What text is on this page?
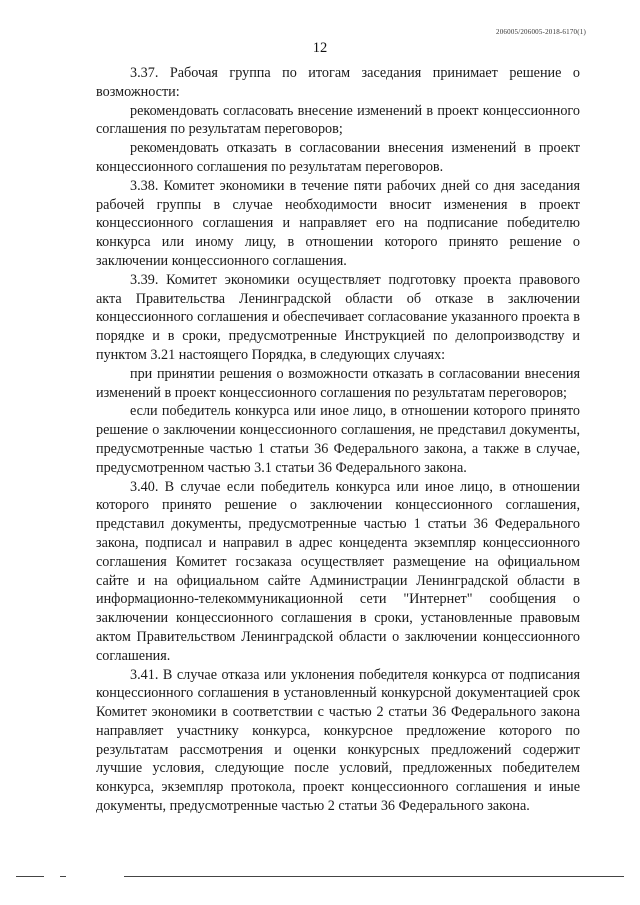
206005/206005-2018-6170(1)
12

3.37. Рабочая группа по итогам заседания принимает решение о возможности:

рекомендовать согласовать внесение изменений в проект концессионного соглашения по результатам переговоров;

рекомендовать отказать в согласовании внесения изменений в проект концессионного соглашения по результатам переговоров.

3.38. Комитет экономики в течение пяти рабочих дней со дня заседания рабочей группы в случае необходимости вносит изменения в проект концессионного соглашения и направляет его на подписание победителю конкурса или иному лицу, в отношении которого принято решение о заключении концессионного соглашения.

3.39. Комитет экономики осуществляет подготовку проекта правового акта Правительства Ленинградской области об отказе в заключении концессионного соглашения и обеспечивает согласование указанного проекта в порядке и в сроки, предусмотренные Инструкцией по делопроизводству и пунктом 3.21 настоящего Порядка, в следующих случаях:

при принятии решения о возможности отказать в согласовании внесения изменений в проект концессионного соглашения по результатам переговоров;

если победитель конкурса или иное лицо, в отношении которого принято решение о заключении концессионного соглашения, не представил документы, предусмотренные частью 1 статьи 36 Федерального закона, а также в случае, предусмотренном частью 3.1 статьи 36 Федерального закона.

3.40. В случае если победитель конкурса или иное лицо, в отношении которого принято решение о заключении концессионного соглашения, представил документы, предусмотренные частью 1 статьи 36 Федерального закона, подписал и направил в адрес концедента экземпляр концессионного соглашения Комитет госзаказа осуществляет размещение на официальном сайте и на официальном сайте Администрации Ленинградской области в информационно-телекоммуникационной сети "Интернет" сообщения о заключении концессионного соглашения в сроки, установленные правовым актом Правительством Ленинградской области о заключении концессионного соглашения.

3.41. В случае отказа или уклонения победителя конкурса от подписания концессионного соглашения в установленный конкурсной документацией срок Комитет экономики в соответствии с частью 2 статьи 36 Федерального закона направляет участнику конкурса, конкурсное предложение которого по результатам рассмотрения и оценки конкурсных предложений содержит лучшие условия, следующие после условий, предложенных победителем конкурса, экземпляр протокола, проект концессионного соглашения и иные документы, предусмотренные частью 2 статьи 36 Федерального закона.
